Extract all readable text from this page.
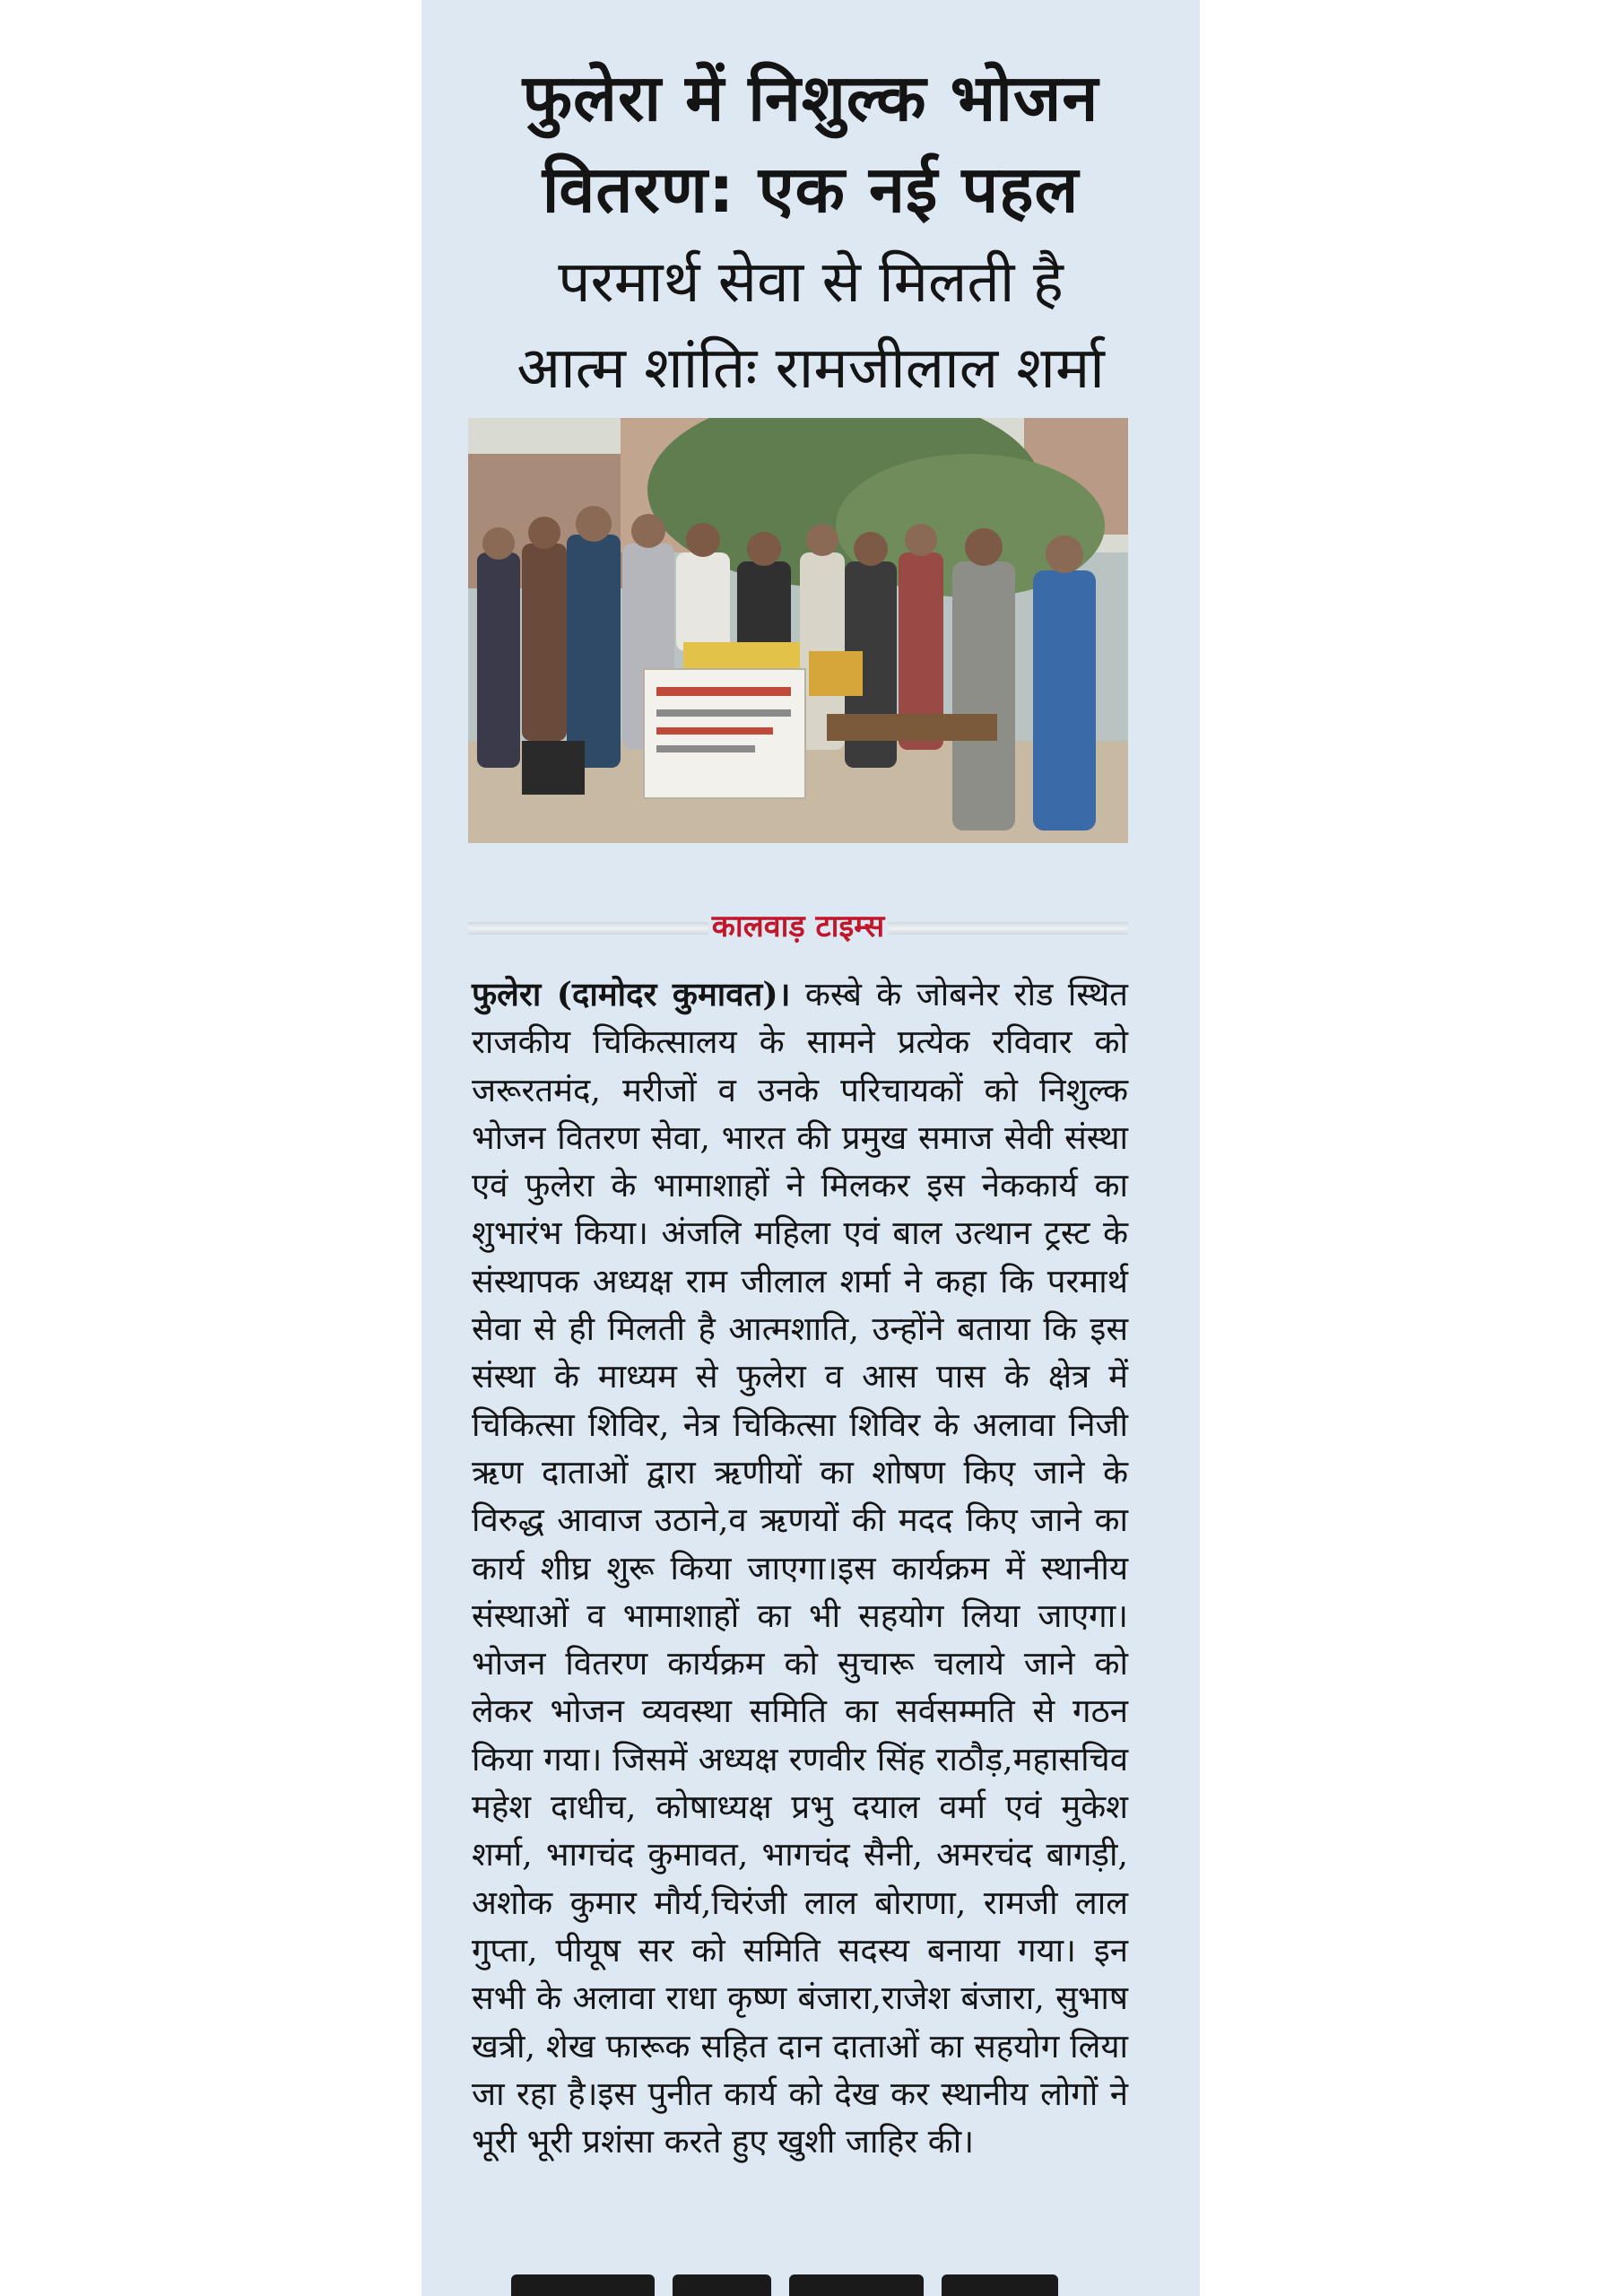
फुलेरा में निशुल्क भोजन
वितरण: एक नई पहल
परमार्थ सेवा से मिलती है
आत्म शांतिः रामजीलाल शर्मा
कालवाड़ टाइम्स
फुलेरा (दामोदर कुमावत)। कस्बे के जोबनेर रोड स्थित राजकीय चिकित्सालय के सामने प्रत्येक रविवार को जरूरतमंद, मरीजों व उनके परिचायकों को निशुल्क भोजन वितरण सेवा, भारत की प्रमुख समाज सेवी संस्था एवं फुलेरा के भामाशाहों ने मिलकर इस नेककार्य का शुभारंभ किया। अंजलि महिला एवं बाल उत्थान ट्रस्ट के संस्थापक अध्यक्ष राम जीलाल शर्मा ने कहा कि परमार्थ सेवा से ही मिलती है आत्मशाति, उन्होंने बताया कि इस संस्था के माध्यम से फुलेरा व आस पास के क्षेत्र में चिकित्सा शिविर, नेत्र चिकित्सा शिविर के अलावा निजी ऋण दाताओं द्वारा ऋणीयों का शोषण किए जाने के विरुद्ध आवाज उठाने,व ऋणयों की मदद किए जाने का कार्य शीघ्र शुरू किया जाएगा।इस कार्यक्रम में स्थानीय संस्थाओं व भामाशाहों का भी सहयोग लिया जाएगा। भोजन वितरण कार्यक्रम को सुचारू चलाये जाने को लेकर भोजन व्यवस्था समिति का सर्वसम्मति से गठन किया गया। जिसमें अध्यक्ष रणवीर सिंह राठौड़,महासचिव महेश दाधीच, कोषाध्यक्ष प्रभु दयाल वर्मा एवं मुकेश शर्मा, भागचंद कुमावत, भागचंद सैनी, अमरचंद बागड़ी, अशोक कुमार मौर्य,चिरंजी लाल बोराणा, रामजी लाल गुप्ता, पीयूष सर को समिति सदस्य बनाया गया। इन सभी के अलावा राधा कृष्ण बंजारा,राजेश बंजारा, सुभाष खत्री, शेख फारूक सहित दान दाताओं का सहयोग लिया जा रहा है।इस पुनीत कार्य को देख कर स्थानीय लोगों ने भूरी भूरी प्रशंसा करते हुए खुशी जाहिर की।
